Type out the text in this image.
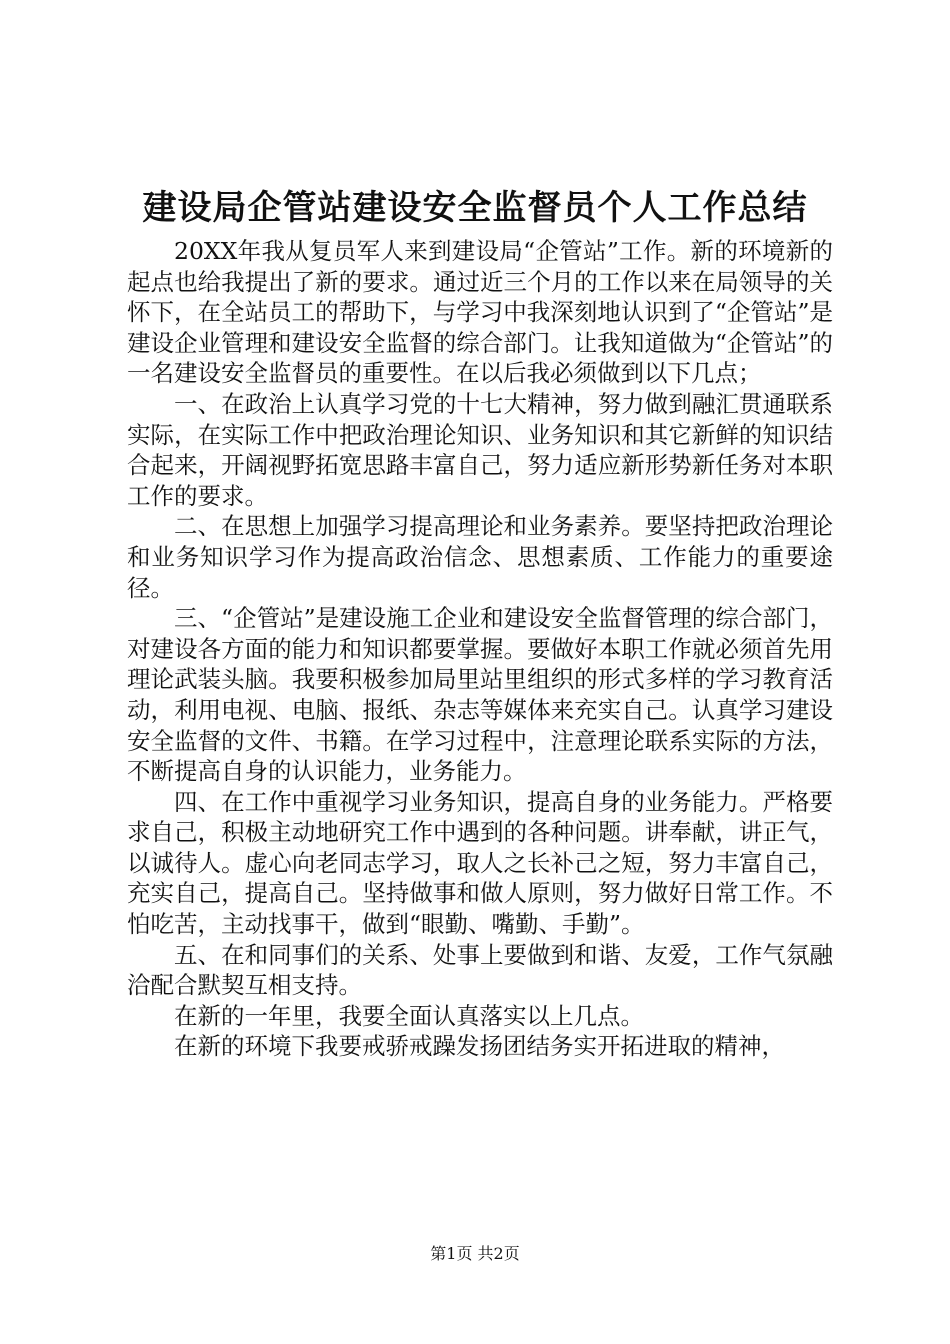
建设局企管站建设安全监督员个人工作总结

20XX年我从复员军人来到建设局“企管站”工作。新的环境新的起点也给我提出了新的要求。通过近三个月的工作以来在局领导的关怀下，在全站员工的帮助下，与学习中我深刻地认识到了“企管站”是建设企业管理和建设安全监督的综合部门。让我知道做为“企管站”的一名建设安全监督员的重要性。在以后我必须做到以下几点；

一、在政治上认真学习党的十七大精神，努力做到融汇贯通联系实际，在实际工作中把政治理论知识、业务知识和其它新鲜的知识结合起来，开阔视野拓宽思路丰富自己，努力适应新形势新任务对本职工作的要求。

二、在思想上加强学习提高理论和业务素养。要坚持把政治理论和业务知识学习作为提高政治信念、思想素质、工作能力的重要途径。

三、“企管站”是建设施工企业和建设安全监督管理的综合部门，对建设各方面的能力和知识都要掌握。要做好本职工作就必须首先用理论武装头脑。我要积极参加局里站里组织的形式多样的学习教育活动，利用电视、电脑、报纸、杂志等媒体来充实自己。认真学习建设安全监督的文件、书籍。在学习过程中，注意理论联系实际的方法，不断提高自身的认识能力，业务能力。

四、在工作中重视学习业务知识，提高自身的业务能力。严格要求自己，积极主动地研究工作中遇到的各种问题。讲奉献，讲正气，以诚待人。虚心向老同志学习，取人之长补己之短，努力丰富自己，充实自己，提高自己。坚持做事和做人原则，努力做好日常工作。不怕吃苦，主动找事干，做到“眼勤、嘴勤、手勤”。

五、在和同事们的关系、处事上要做到和谐、友爱，工作气氛融洽配合默契互相支持。

在新的一年里，我要全面认真落实以上几点。

在新的环境下我要戒骄戒躁发扬团结务实开拓进取的精神，

第1页 共2页
